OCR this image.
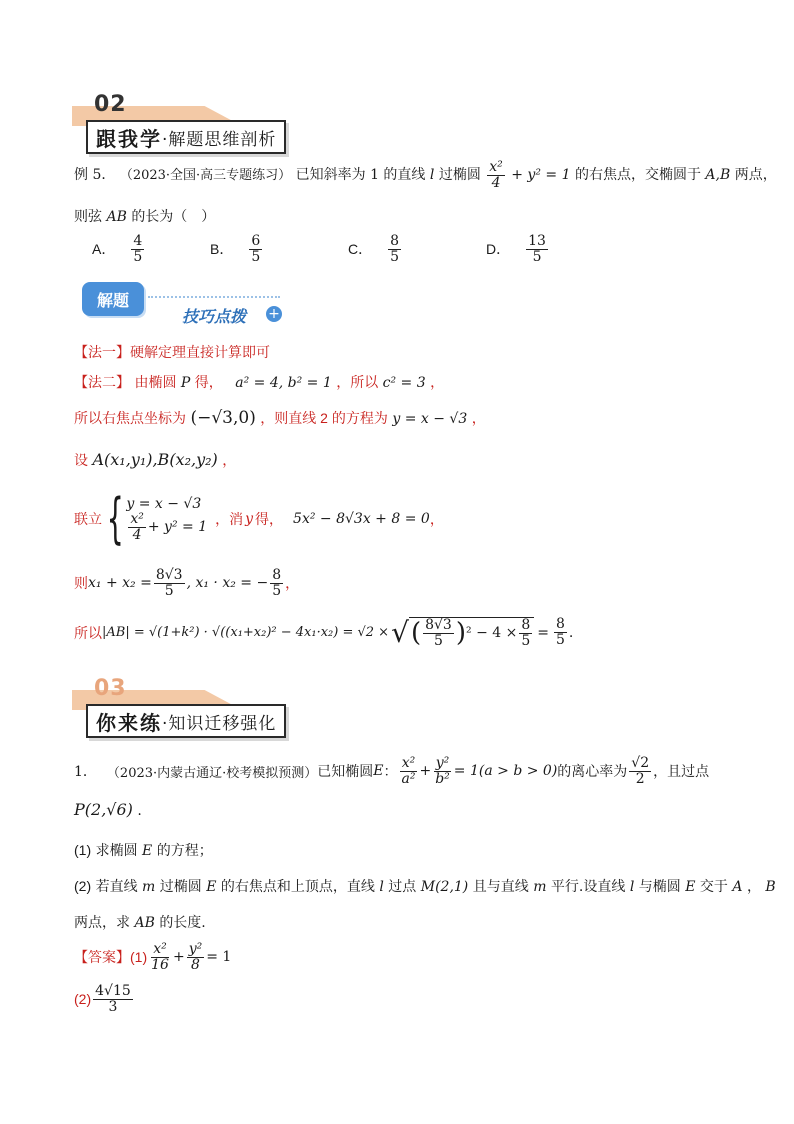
02
跟我学 ·解题思维剖析
例 5． （2023·全国·高三专题练习） 已知斜率为 1 的直线 l 过椭圆 $\frac{\text{x²}}{4} + y^2 = 1$ 的右焦点，交椭圆于 A,B 两点，
则弦 AB 的长为（　）
A． $\frac{4}{5}$	B． $\frac{6}{5}$	C． $\frac{8}{5}$	D． $\frac{13}{5}$
解题
技巧点拨 +
【法一】硬解定理直接计算即可
【法二】 由椭圆 P 得， a² = 4, b² = 1 ，所以 c² = 3 ，
所以右焦点坐标为 (−√3,0) ，则直线 2 的方程为 y = x − √3 ，
设 A(x₁,y₁),B(x₂,y₂) ，
联立 { y = x − √3
$\frac{\text{x²}}{4} + y^2 = 1$ ，消 y 得， 5x² − 8√3x + 8 = 0 ，
则 $x_1 + x_2 = \frac{8√3}{5}$ , x₁ · x₂ = − $\frac{8}{5}$ ，
所以 |AB| = √(1+k²) · √((x₁+x₂)² − 4x₁·x₂) = √2 × √ ( $\frac{8√3}{5}$ ) $^2 - 4 \times \frac{8}{5} = \frac{8}{5}$ .
03
你来练 ·知识迁移强化
1． （2023·内蒙古通辽·校考模拟预测） 已知椭圆 E ： $\frac{\text{x²}}{\text{a²}} + \frac{\text{y²}}{\text{b²}} = 1(a > b > 0)$ 的离心率为 $\frac{√2}{2}$ ，且过点
P(2,√6) .
(1) 求椭圆 E 的方程；
(2) 若直线 m 过椭圆 E 的右焦点和上顶点，直线 l 过点 M(2,1) 且与直线 m 平行.设直线 l 与椭圆 E 交于 A ， B
两点，求 AB 的长度.
【答案】 $(1) \frac{\text{x²}}{16} + \frac{\text{y²}}{8} = 1$
$(2) \frac{4√15}{3}$
